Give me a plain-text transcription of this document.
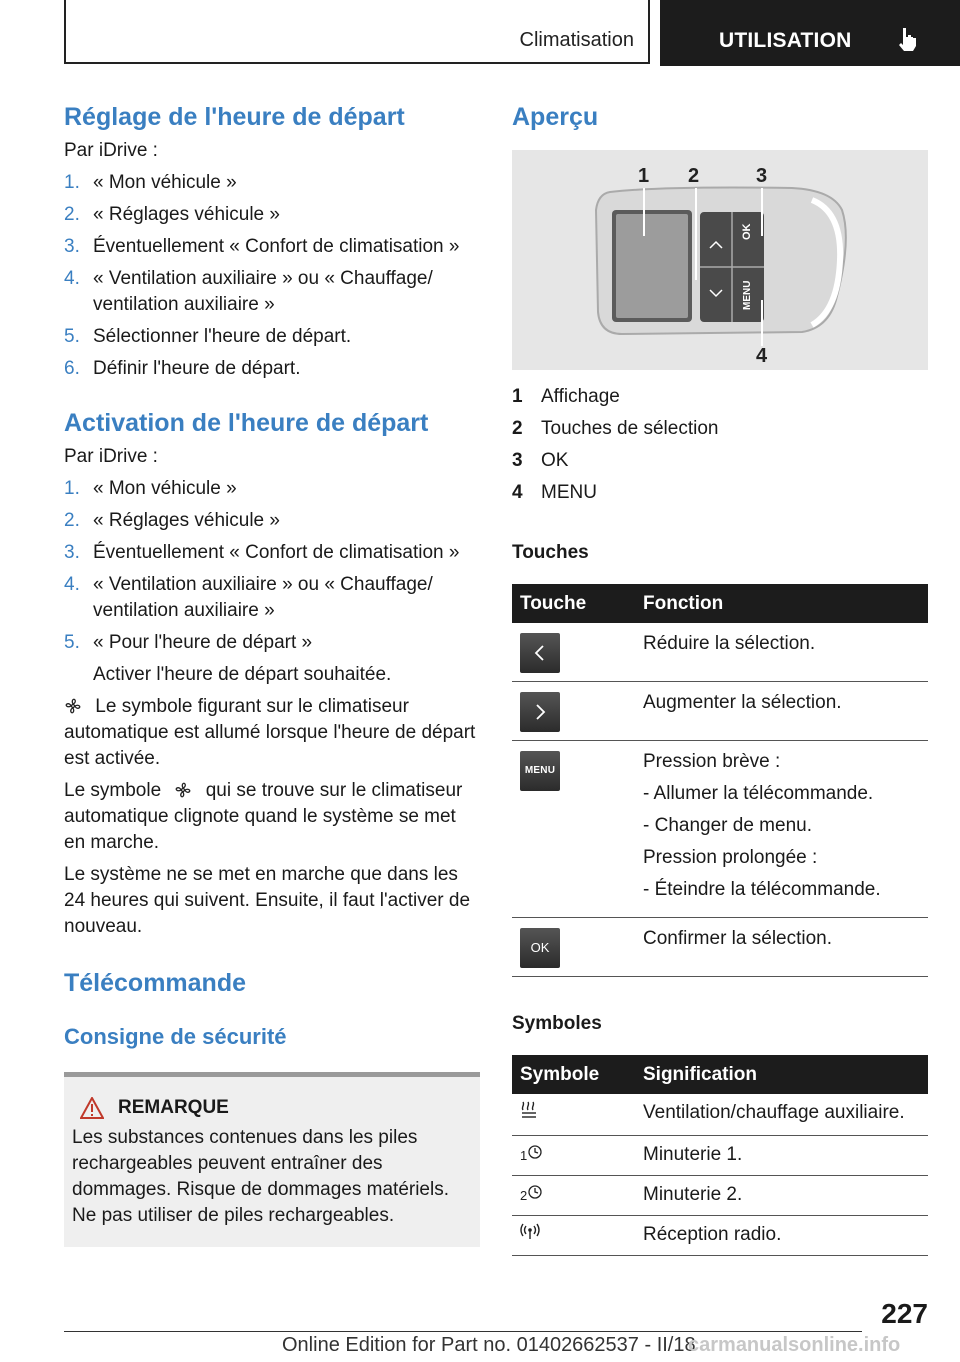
Climatisation	UTILISATION
Réglage de l'heure de départ
Par iDrive :
1. « Mon véhicule »
2. « Réglages véhicule »
3. Éventuellement « Confort de climatisation »
4. « Ventilation auxiliaire » ou « Chauffage/ ventilation auxiliaire »
5. Sélectionner l'heure de départ.
6. Définir l'heure de départ.
Activation de l'heure de départ
Par iDrive :
1. « Mon véhicule »
2. « Réglages véhicule »
3. Éventuellement « Confort de climatisation »
4. « Ventilation auxiliaire » ou « Chauffage/ ventilation auxiliaire »
5. « Pour l'heure de départ »
Activer l'heure de départ souhaitée.
Le symbole figurant sur le climatiseur automatique est allumé lorsque l'heure de départ est activée.
Le symbole qui se trouve sur le climatiseur automatique clignote quand le système se met en marche.
Le système ne se met en marche que dans les 24 heures qui suivent. Ensuite, il faut l'activer de nouveau.
Télécommande
Consigne de sécurité
REMARQUE
Les substances contenues dans les piles rechargeables peuvent entraîner des dommages. Risque de dommages matériels. Ne pas utiliser de piles rechargeables.
Aperçu
1 2	3
4
OK
MENU
1 Affichage
2 Touches de sélection
3 OK
4 MENU
Touches
Touche	Fonction

Réduire la sélection.

Augmenter la sélection.

MENU	Pression brève :
- Allumer la télécommande.
- Changer de menu.
Pression prolongée :
- Éteindre la télécommande.

OK	Confirmer la sélection.
Symboles
Symbole	Signification

	Ventilation/chauffage auxiliaire.

1	Minuterie 1.

2	Minuterie 2.

	Réception radio.
227
Online Edition for Part no. 01402662537 - II/18
carmanualsonline.info
